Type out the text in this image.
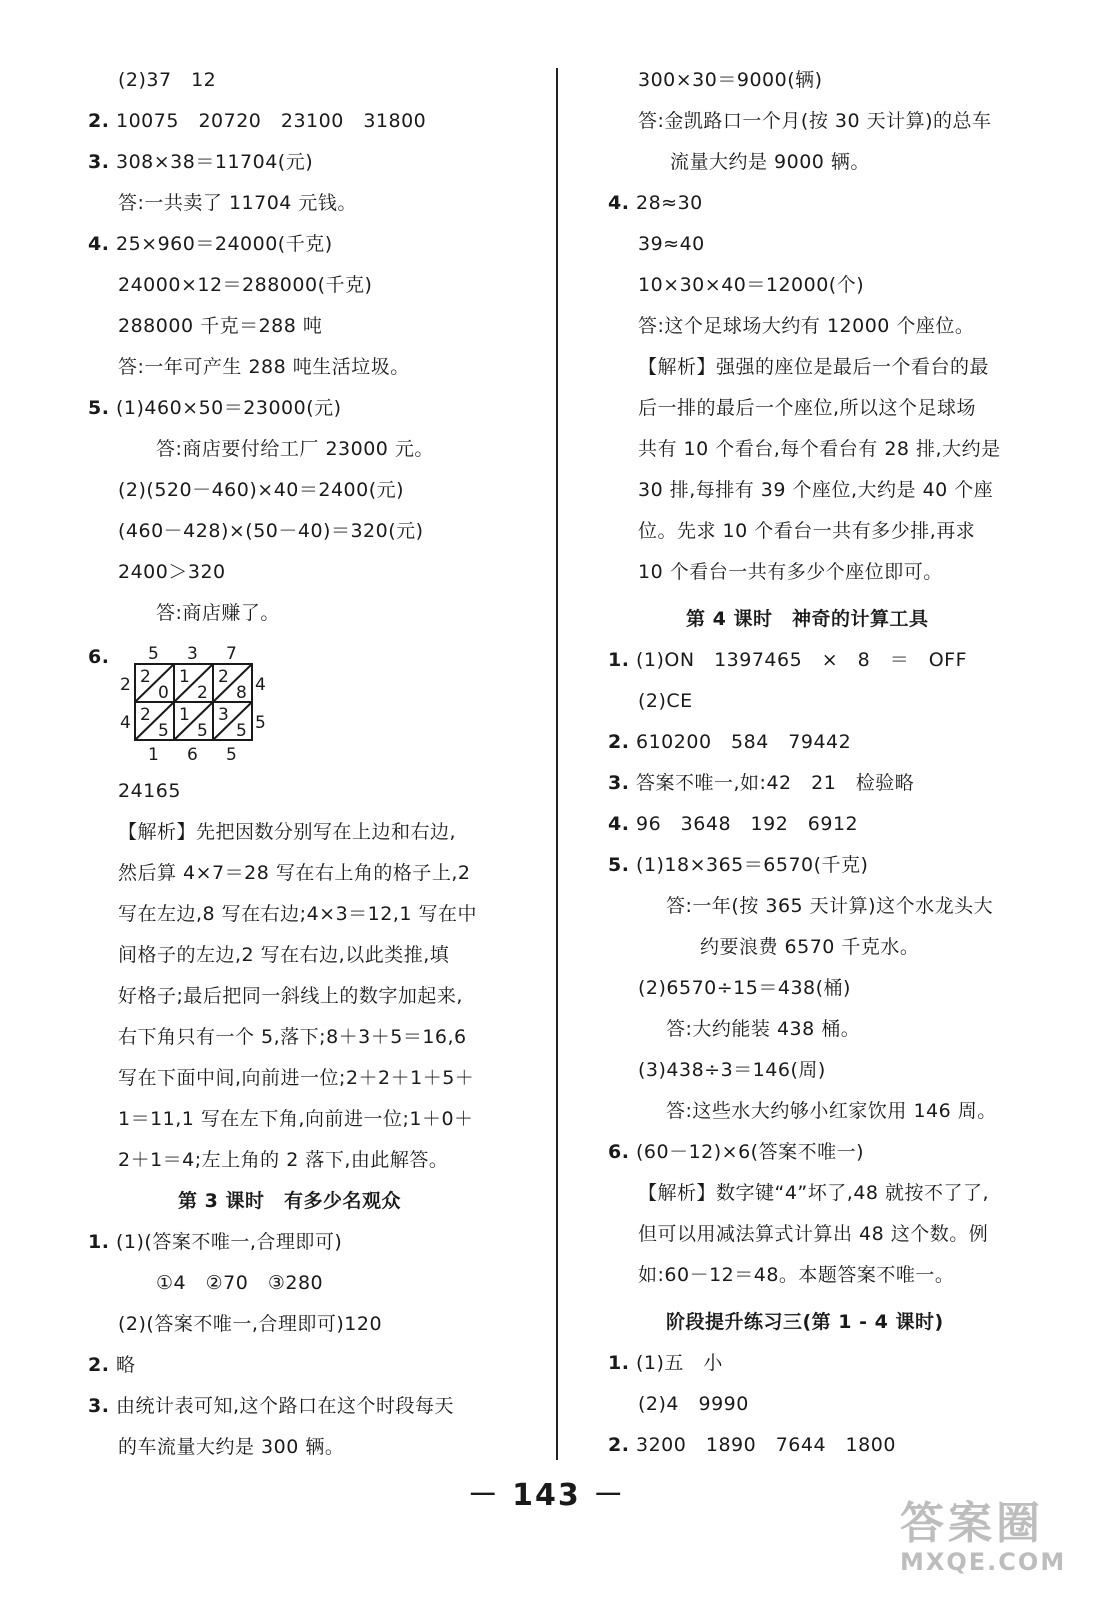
(2)37　12
2. 10075　20720　23100　31800
3. 308×38＝11704(元)
答:一共卖了 11704 元钱。
4. 25×960＝24000(千克)
24000×12＝288000(千克)
288000 千克＝288 吨
答:一年可产生 288 吨生活垃圾。
5. (1)460×50＝23000(元)
答:商店要付给工厂 23000 元。
(2)(520－460)×40＝2400(元)
(460－428)×(50－40)＝320(元)
2400＞320
答:商店赚了。
6. 5 3 7
2
4
4
5
1 6 5
2
0
1
2
2
8
2
5
1
5
3
5
24165
【解析】先把因数分别写在上边和右边,
然后算 4×7＝28 写在右上角的格子上,2
写在左边,8 写在右边;4×3＝12,1 写在中
间格子的左边,2 写在右边,以此类推,填
好格子;最后把同一斜线上的数字加起来,
右下角只有一个 5,落下;8＋3＋5＝16,6
写在下面中间,向前进一位;2＋2＋1＋5＋
1＝11,1 写在左下角,向前进一位;1＋0＋
2＋1＝4;左上角的 2 落下,由此解答。
第 3 课时　有多少名观众
1. (1)(答案不唯一,合理即可)
①4　②70　③280
(2)(答案不唯一,合理即可)120
2. 略
3. 由统计表可知,这个路口在这个时段每天
的车流量大约是 300 辆。
300×30＝9000(辆)
答:金凯路口一个月(按 30 天计算)的总车
流量大约是 9000 辆。
4. 28≈30
39≈40
10×30×40＝12000(个)
答:这个足球场大约有 12000 个座位。
【解析】强强的座位是最后一个看台的最
后一排的最后一个座位,所以这个足球场
共有 10 个看台,每个看台有 28 排,大约是
30 排,每排有 39 个座位,大约是 40 个座
位。先求 10 个看台一共有多少排,再求
10 个看台一共有多少个座位即可。
第 4 课时　神奇的计算工具
1. (1)ON　1397465　×　8　＝　OFF
(2)CE
2. 610200　584　79442
3. 答案不唯一,如:42　21　检验略
4. 96　3648　192　6912
5. (1)18×365＝6570(千克)
答:一年(按 365 天计算)这个水龙头大
约要浪费 6570 千克水。
(2)6570÷15＝438(桶)
答:大约能装 438 桶。
(3)438÷3＝146(周)
答:这些水大约够小红家饮用 146 周。
6. (60－12)×6(答案不唯一)
【解析】数字键“4”坏了,48 就按不了了,
但可以用减法算式计算出 48 这个数。例
如:60－12＝48。本题答案不唯一。
阶段提升练习三(第 1 - 4 课时)
1. (1)五　小
(2)4　9990
2. 3200　1890　7644　1800
－ 143 －
答案圈
MXQE.COM
